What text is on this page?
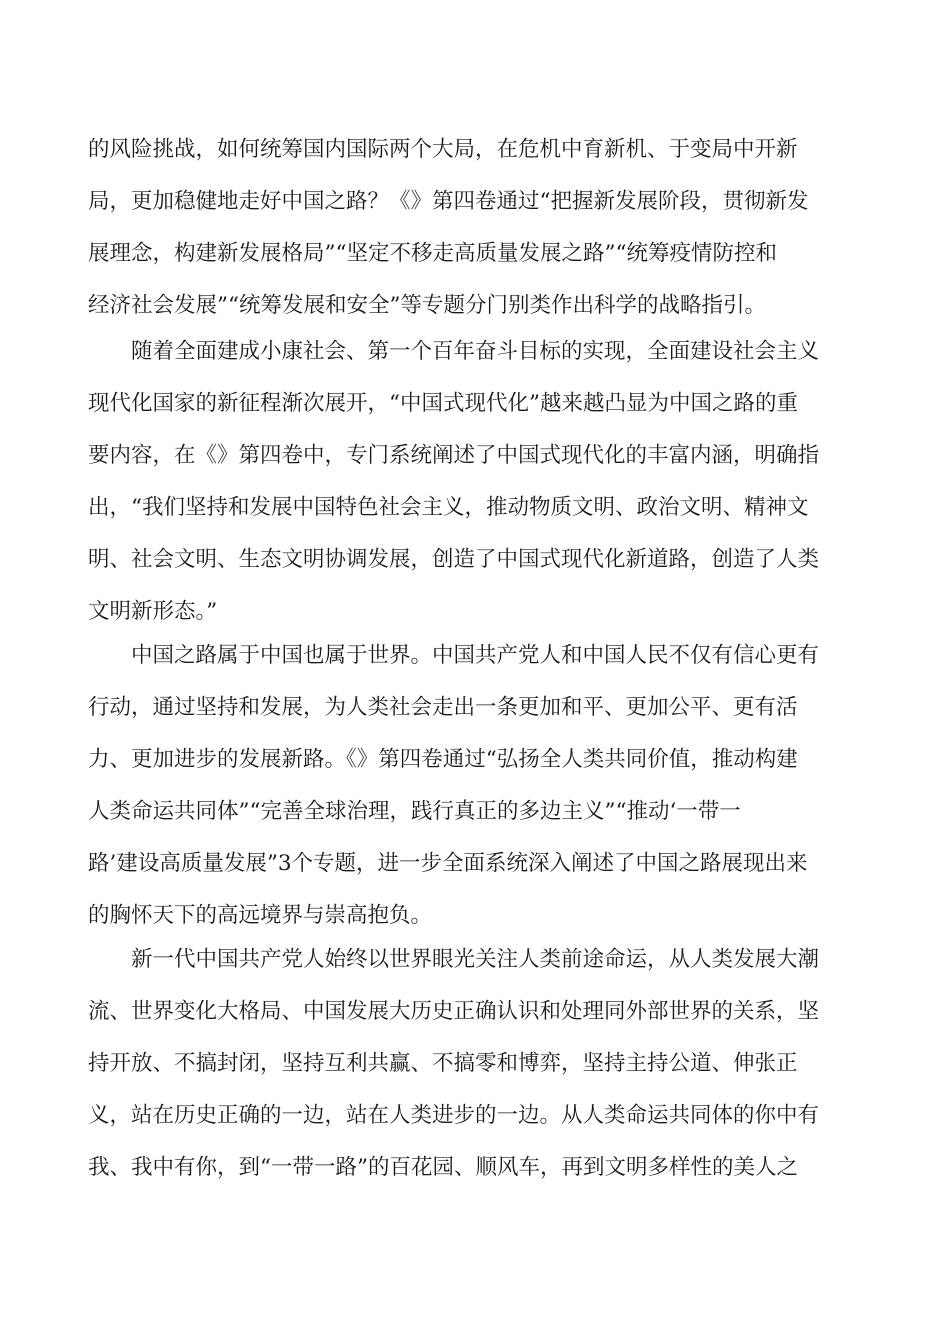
的风险挑战，如何统筹国内国际两个大局，在危机中育新机、于变局中开新
局，更加稳健地走好中国之路？《》第四卷通过“把握新发展阶段，贯彻新发
展理念，构建新发展格局”“坚定不移走高质量发展之路”“统筹疫情防控和
经济社会发展”“统筹发展和安全”等专题分门别类作出科学的战略指引。
　　随着全面建成小康社会、第一个百年奋斗目标的实现，全面建设社会主义
现代化国家的新征程渐次展开，“中国式现代化”越来越凸显为中国之路的重
要内容，在《》第四卷中，专门系统阐述了中国式现代化的丰富内涵，明确指
出，“我们坚持和发展中国特色社会主义，推动物质文明、政治文明、精神文
明、社会文明、生态文明协调发展，创造了中国式现代化新道路，创造了人类
文明新形态。”
　　中国之路属于中国也属于世界。中国共产党人和中国人民不仅有信心更有
行动，通过坚持和发展，为人类社会走出一条更加和平、更加公平、更有活
力、更加进步的发展新路。《》第四卷通过“弘扬全人类共同价值，推动构建
人类命运共同体”“完善全球治理，践行真正的多边主义”“推动‘一带一
路’建设高质量发展”3个专题，进一步全面系统深入阐述了中国之路展现出来
的胸怀天下的高远境界与崇高抱负。
　　新一代中国共产党人始终以世界眼光关注人类前途命运，从人类发展大潮
流、世界变化大格局、中国发展大历史正确认识和处理同外部世界的关系，坚
持开放、不搞封闭，坚持互利共赢、不搞零和博弈，坚持主持公道、伸张正
义，站在历史正确的一边，站在人类进步的一边。从人类命运共同体的你中有
我、我中有你，到“一带一路”的百花园、顺风车，再到文明多样性的美人之
